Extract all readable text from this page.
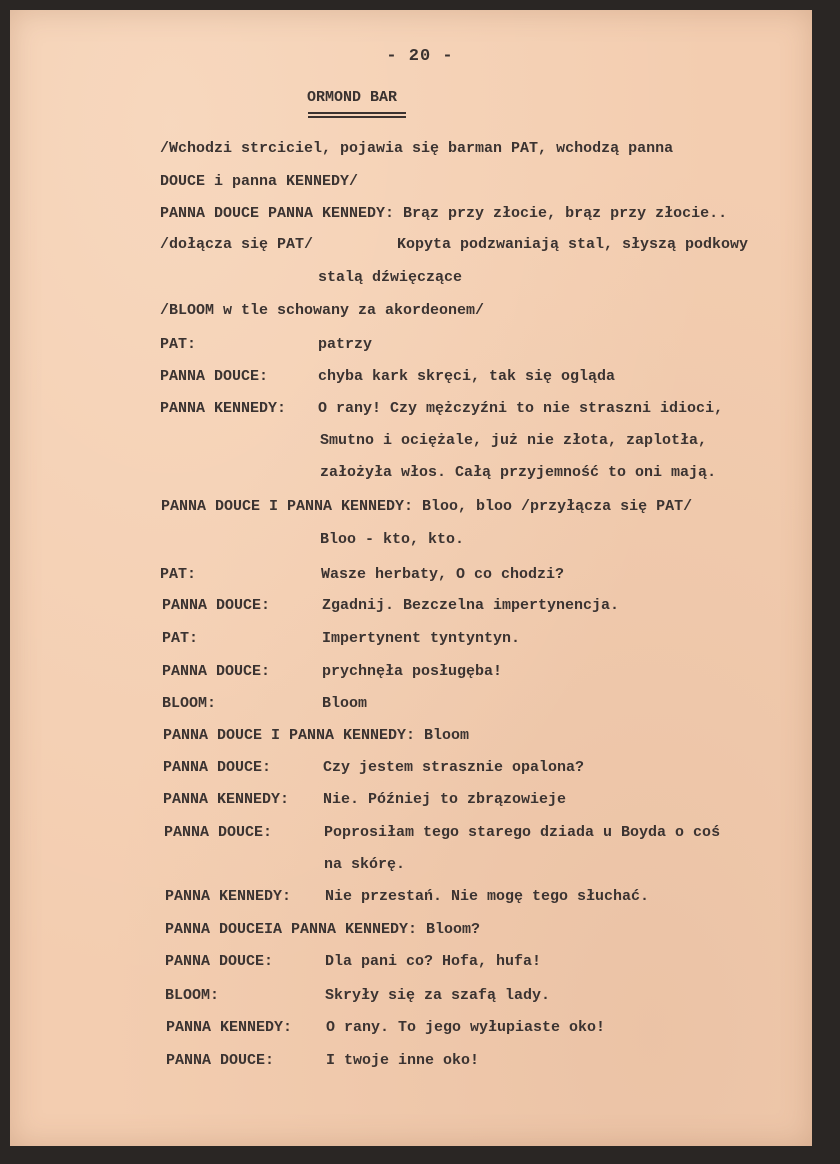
- 20 -
ORMOND BAR
/Wchodzi strciciel, pojawia się barman PAT, wchodzą panna
DOUCE i panna KENNEDY/
PANNA DOUCE PANNA KENNEDY: Brąz przy złocie, brąz przy złocie..
/dołącza się PAT/	Kopyta podzwaniają stal, słyszą podkowy
stalą dźwięczące
/BLOOM w tle schowany za akordeonem/
PAT:	patrzy
PANNA DOUCE:	chyba kark skręci, tak się ogląda
PANNA KENNEDY: O rany! Czy mężczyźni to nie straszni idioci,
Smutno i ociężale, już nie złota, zaplotła,
założyła włos. Całą przyjemność to oni mają.
PANNA DOUCE I PANNA KENNEDY: Bloo, bloo /przyłącza się PAT/
Bloo - kto, kto.
PAT:	Wasze herbaty, O co chodzi?
PANNA DOUCE:	Zgadnij. Bezczelna impertynencja.
PAT:	Impertynent tyntyntyn.
PANNA DOUCE:	prychnęła posługęba!
BLOOM:	Bloom
PANNA DOUCE I PANNA KENNEDY: Bloom
PANNA DOUCE:	Czy jestem strasznie opalona?
PANNA KENNEDY: Nie. Później to zbrązowieje
PANNA DOUCE:	Poprosiłam tego starego dziada u Boyda o coś
na skórę.
PANNA KENNEDY: Nie przestań. Nie mogę tego słuchać.
PANNA DOUCEIA PANNA KENNEDY: Bloom?
PANNA DOUCE:	Dla pani co? Hofa, hufa!
BLOOM:	Skryły się za szafą lady.
PANNA KENNEDY: O rany. To jego wyłupiaste oko!
PANNA DOUCE:	I twoje inne oko!
